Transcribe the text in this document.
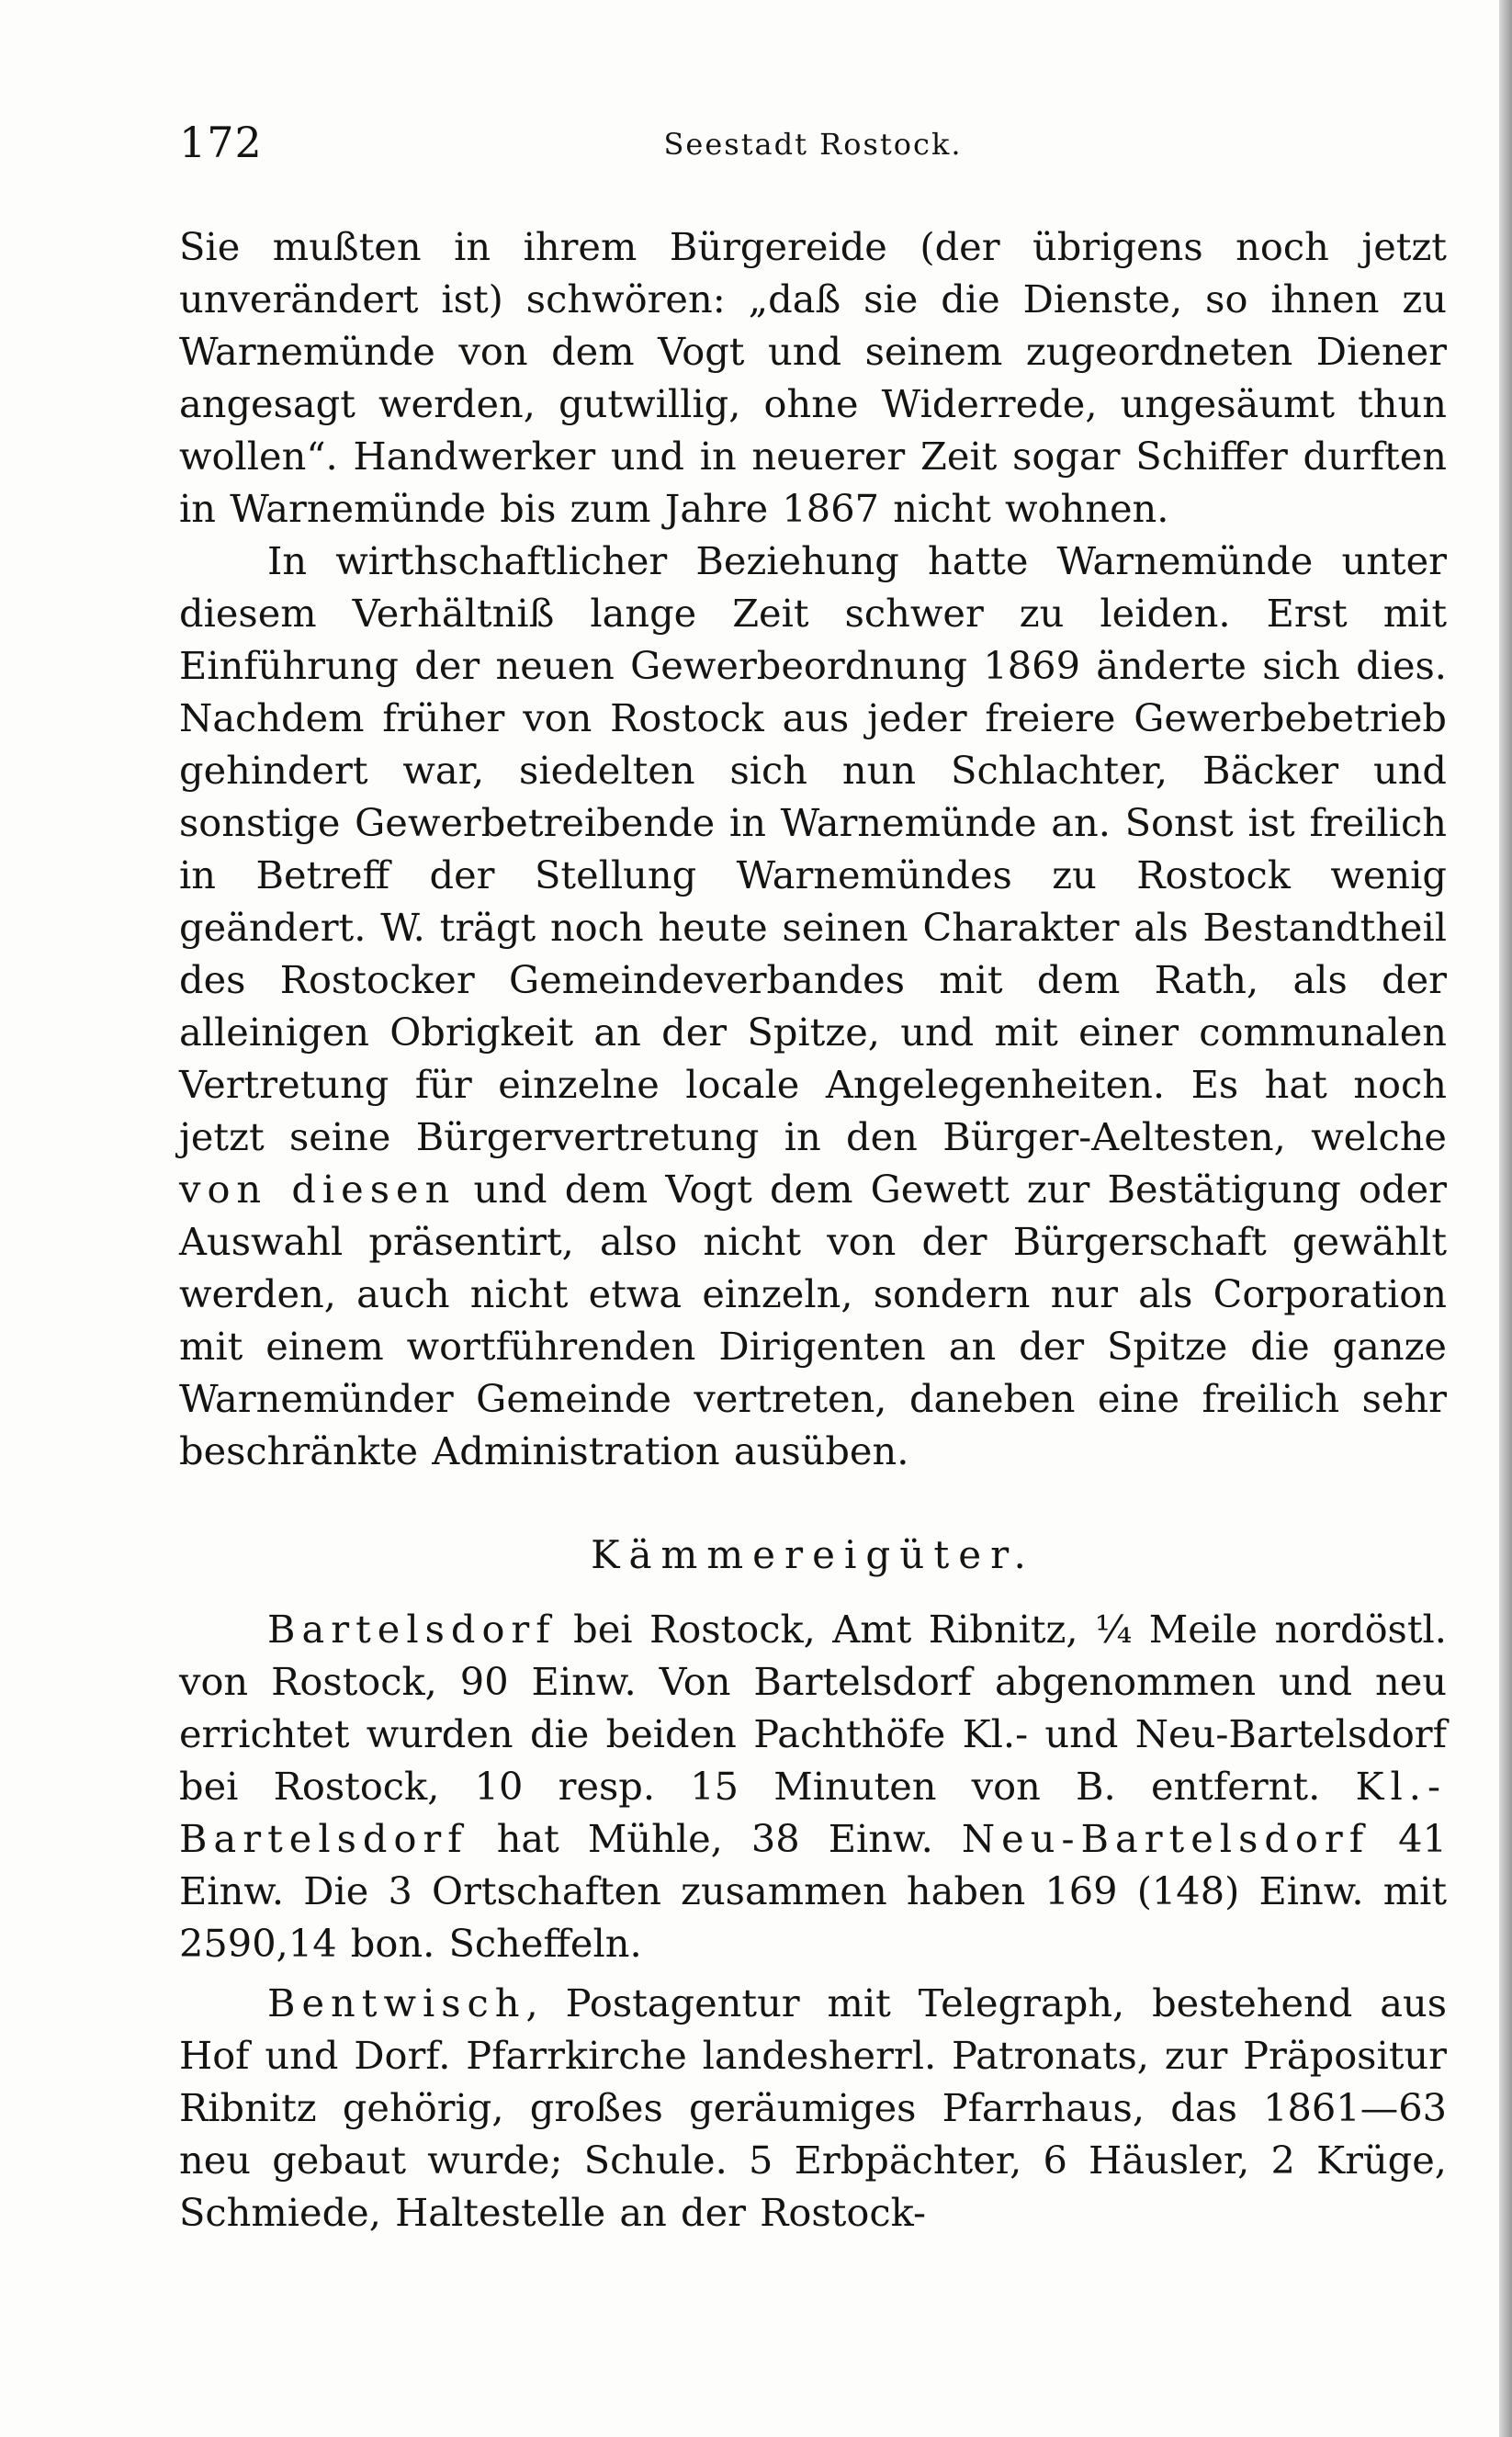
172	Seestadt Rostock.

Sie mußten in ihrem Bürgereide (der übrigens noch jetzt unverändert ist) schwören: „daß sie die Dienste, so ihnen zu Warnemünde von dem Vogt und seinem zugeordneten Diener angesagt werden, gutwillig, ohne Widerrede, ungesäumt thun wollen“. Handwerker und in neuerer Zeit sogar Schiffer durften in Warnemünde bis zum Jahre 1867 nicht wohnen.

In wirthschaftlicher Beziehung hatte Warnemünde unter diesem Verhältniß lange Zeit schwer zu leiden. Erst mit Einführung der neuen Gewerbeordnung 1869 änderte sich dies. Nachdem früher von Rostock aus jeder freiere Gewerbebetrieb gehindert war, siedelten sich nun Schlachter, Bäcker und sonstige Gewerbetreibende in Warnemünde an. Sonst ist freilich in Betreff der Stellung Warnemündes zu Rostock wenig geändert. W. trägt noch heute seinen Charakter als Bestandtheil des Rostocker Gemeindeverbandes mit dem Rath, als der alleinigen Obrigkeit an der Spitze, und mit einer communalen Vertretung für einzelne locale Angelegenheiten. Es hat noch jetzt seine Bürgervertretung in den Bürger-Aeltesten, welche von diesen und dem Vogt dem Gewett zur Bestätigung oder Auswahl präsentirt, also nicht von der Bürgerschaft gewählt werden, auch nicht etwa einzeln, sondern nur als Corporation mit einem wortführenden Dirigenten an der Spitze die ganze Warnemünder Gemeinde vertreten, daneben eine freilich sehr beschränkte Administration ausüben.

Kämmereigüter.

Bartelsdorf bei Rostock, Amt Ribnitz, ¼ Meile nordöstl. von Rostock, 90 Einw. Von Bartelsdorf abgenommen und neu errichtet wurden die beiden Pachthöfe Kl.- und Neu-Bartelsdorf bei Rostock, 10 resp. 15 Minuten von B. entfernt. Kl.-Bartelsdorf hat Mühle, 38 Einw. Neu-Bartelsdorf 41 Einw. Die 3 Ortschaften zusammen haben 169 (148) Einw. mit 2590,14 bon. Scheffeln.

Bentwisch, Postagentur mit Telegraph, bestehend aus Hof und Dorf. Pfarrkirche landesherrl. Patronats, zur Präpositur Ribnitz gehörig, großes geräumiges Pfarrhaus, das 1861—63 neu gebaut wurde; Schule. 5 Erbpächter, 6 Häusler, 2 Krüge, Schmiede, Haltestelle an der Rostock-
